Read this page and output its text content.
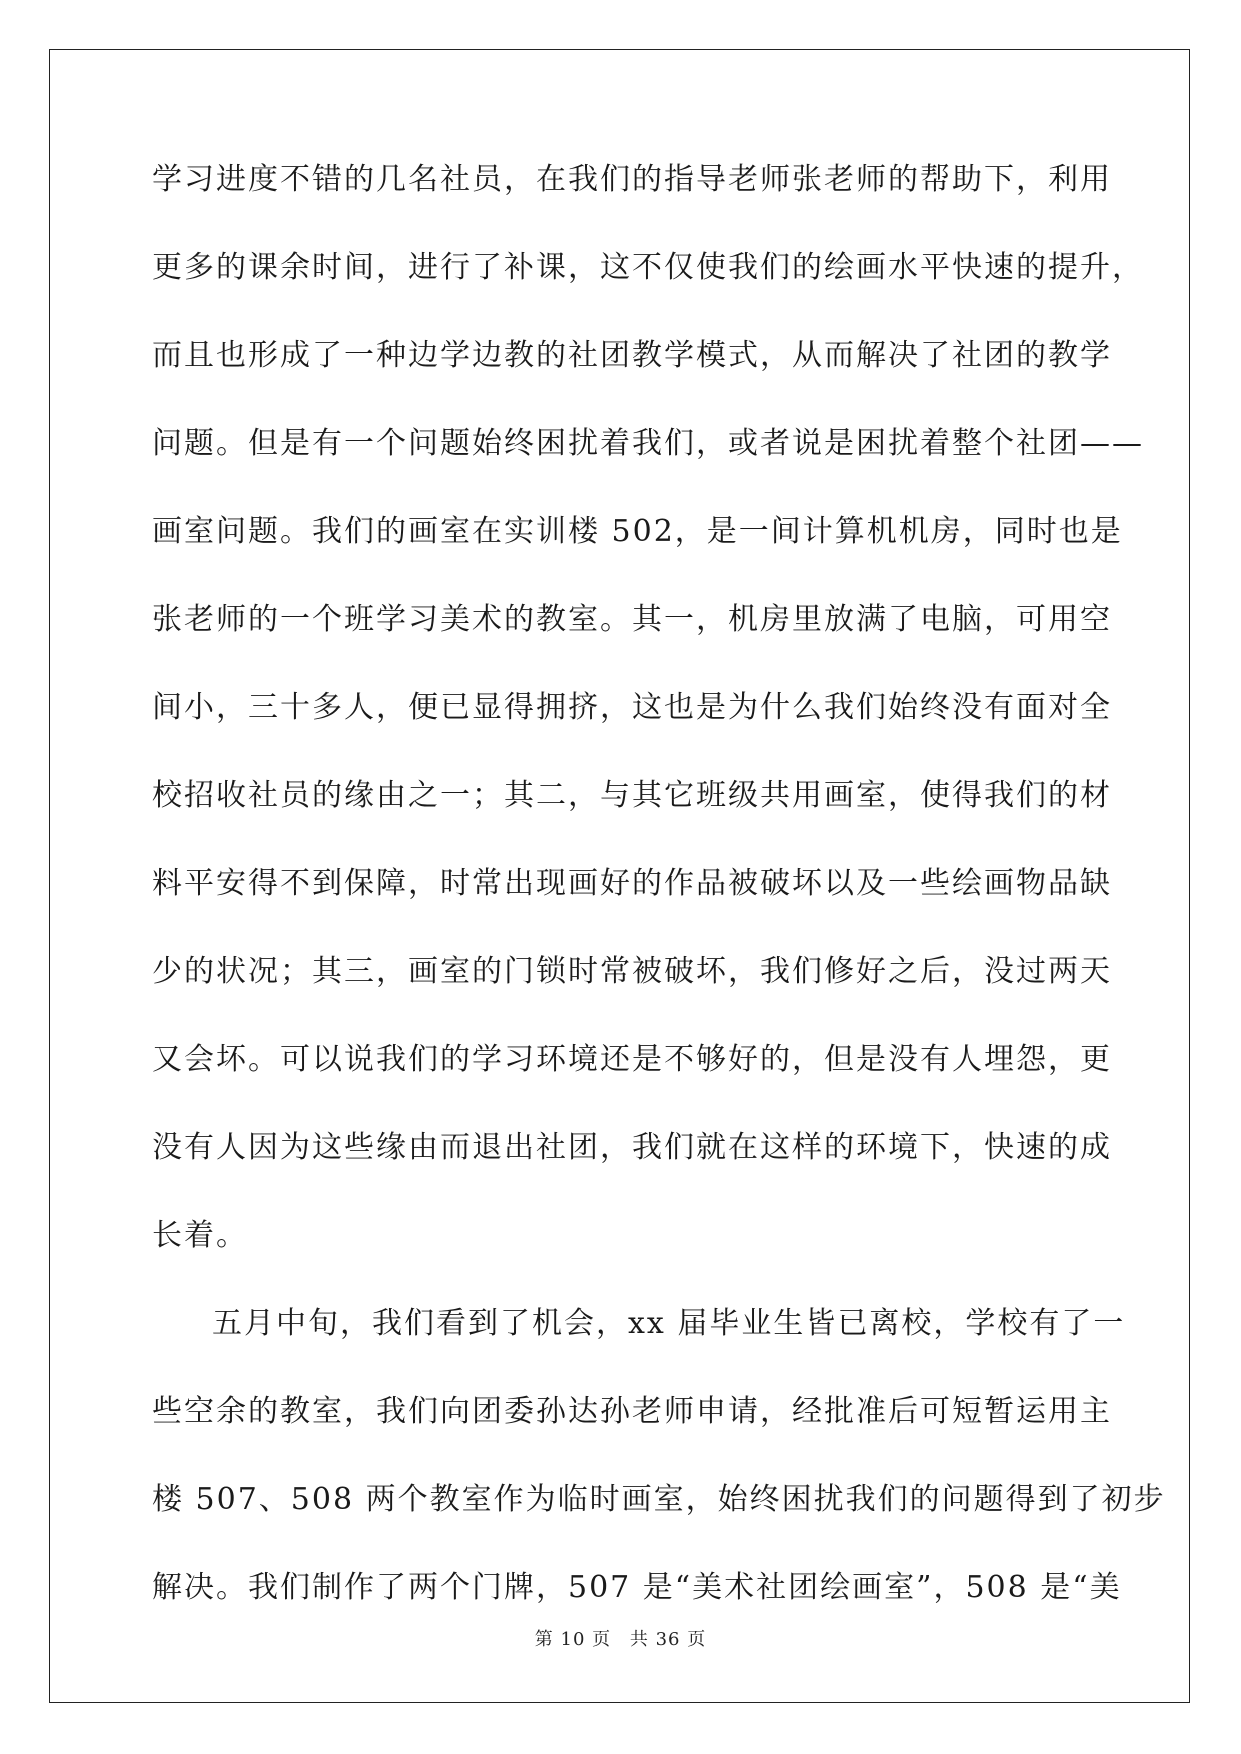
学习进度不错的几名社员，在我们的指导老师张老师的帮助下，利用
更多的课余时间，进行了补课，这不仅使我们的绘画水平快速的提升，
而且也形成了一种边学边教的社团教学模式，从而解决了社团的教学
问题。但是有一个问题始终困扰着我们，或者说是困扰着整个社团——
画室问题。我们的画室在实训楼 502，是一间计算机机房，同时也是
张老师的一个班学习美术的教室。其一，机房里放满了电脑，可用空
间小，三十多人，便已显得拥挤，这也是为什么我们始终没有面对全
校招收社员的缘由之一；其二，与其它班级共用画室，使得我们的材
料平安得不到保障，时常出现画好的作品被破坏以及一些绘画物品缺
少的状况；其三，画室的门锁时常被破坏，我们修好之后，没过两天
又会坏。可以说我们的学习环境还是不够好的，但是没有人埋怨，更
没有人因为这些缘由而退出社团，我们就在这样的环境下，快速的成
长着。
五月中旬，我们看到了机会，xx 届毕业生皆已离校，学校有了一
些空余的教室，我们向团委孙达孙老师申请，经批准后可短暂运用主
楼 507、508 两个教室作为临时画室，始终困扰我们的问题得到了初步
解决。我们制作了两个门牌，507 是“美术社团绘画室”，508 是“美
第 10 页 共 36 页
